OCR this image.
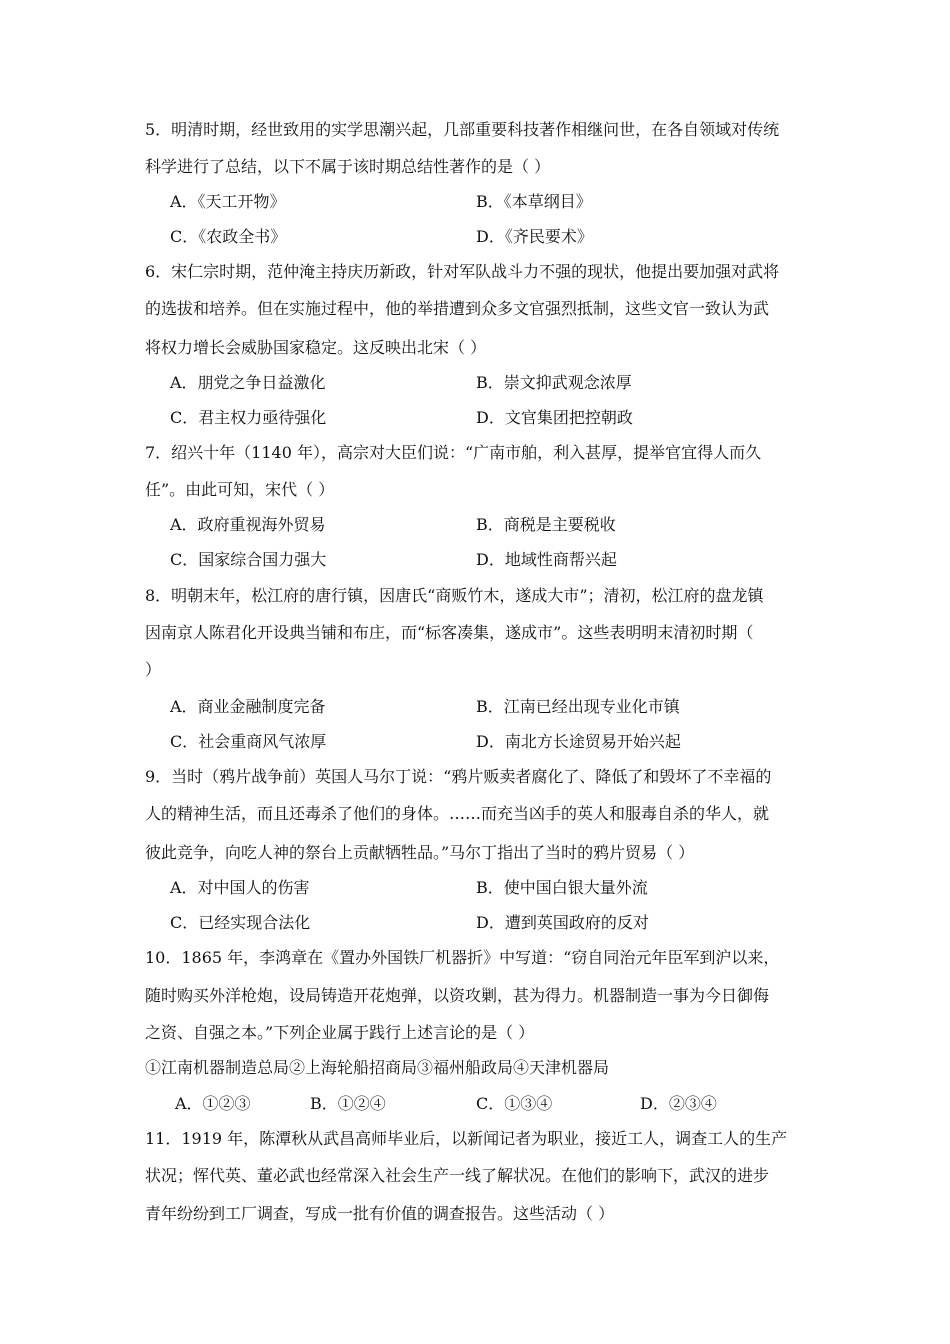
5．明清时期，经世致用的实学思潮兴起，几部重要科技著作相继问世，在各自领域对传统
科学进行了总结，以下不属于该时期总结性著作的是（ ）
A．《天工开物》	B．《本草纲目》
C．《农政全书》	D．《齐民要术》
6．宋仁宗时期，范仲淹主持庆历新政，针对军队战斗力不强的现状，他提出要加强对武将
的选拔和培养。但在实施过程中，他的举措遭到众多文官强烈抵制，这些文官一致认为武
将权力增长会威胁国家稳定。这反映出北宋（ ）
A．朋党之争日益激化	B．崇文抑武观念浓厚
C．君主权力亟待强化	D．文官集团把控朝政
7．绍兴十年（1140 年），高宗对大臣们说：“广南市舶，利入甚厚，提举官宜得人而久
任”。由此可知，宋代（ ）
A．政府重视海外贸易	B．商税是主要税收
C．国家综合国力强大	D．地域性商帮兴起
8．明朝末年，松江府的唐行镇，因唐氏“商贩竹木，遂成大市”；清初，松江府的盘龙镇
因南京人陈君化开设典当铺和布庄，而“标客凑集，遂成市”。这些表明明末清初时期（
）
A．商业金融制度完备	B．江南已经出现专业化市镇
C．社会重商风气浓厚	D．南北方长途贸易开始兴起
9．当时（鸦片战争前）英国人马尔丁说：“鸦片贩卖者腐化了、降低了和毁坏了不幸福的
人的精神生活，而且还毒杀了他们的身体。……而充当凶手的英人和服毒自杀的华人，就
彼此竞争，向吃人神的祭台上贡献牺牲品。”马尔丁指出了当时的鸦片贸易（ ）
A．对中国人的伤害	B．使中国白银大量外流
C．已经实现合法化	D．遭到英国政府的反对
10．1865 年，李鸿章在《置办外国铁厂机器折》中写道：“窃自同治元年臣军到沪以来，
随时购买外洋枪炮，设局铸造开花炮弹，以资攻剿，甚为得力。机器制造一事为今日御侮
之资、自强之本。”下列企业属于践行上述言论的是（ ）
①江南机器制造总局②上海轮船招商局③福州船政局④天津机器局
A．①②③	B．①②④	C．①③④	D．②③④
11．1919 年，陈潭秋从武昌高师毕业后，以新闻记者为职业，接近工人，调查工人的生产
状况；恽代英、董必武也经常深入社会生产一线了解状况。在他们的影响下，武汉的进步
青年纷纷到工厂调查，写成一批有价值的调查报告。这些活动（ ）
